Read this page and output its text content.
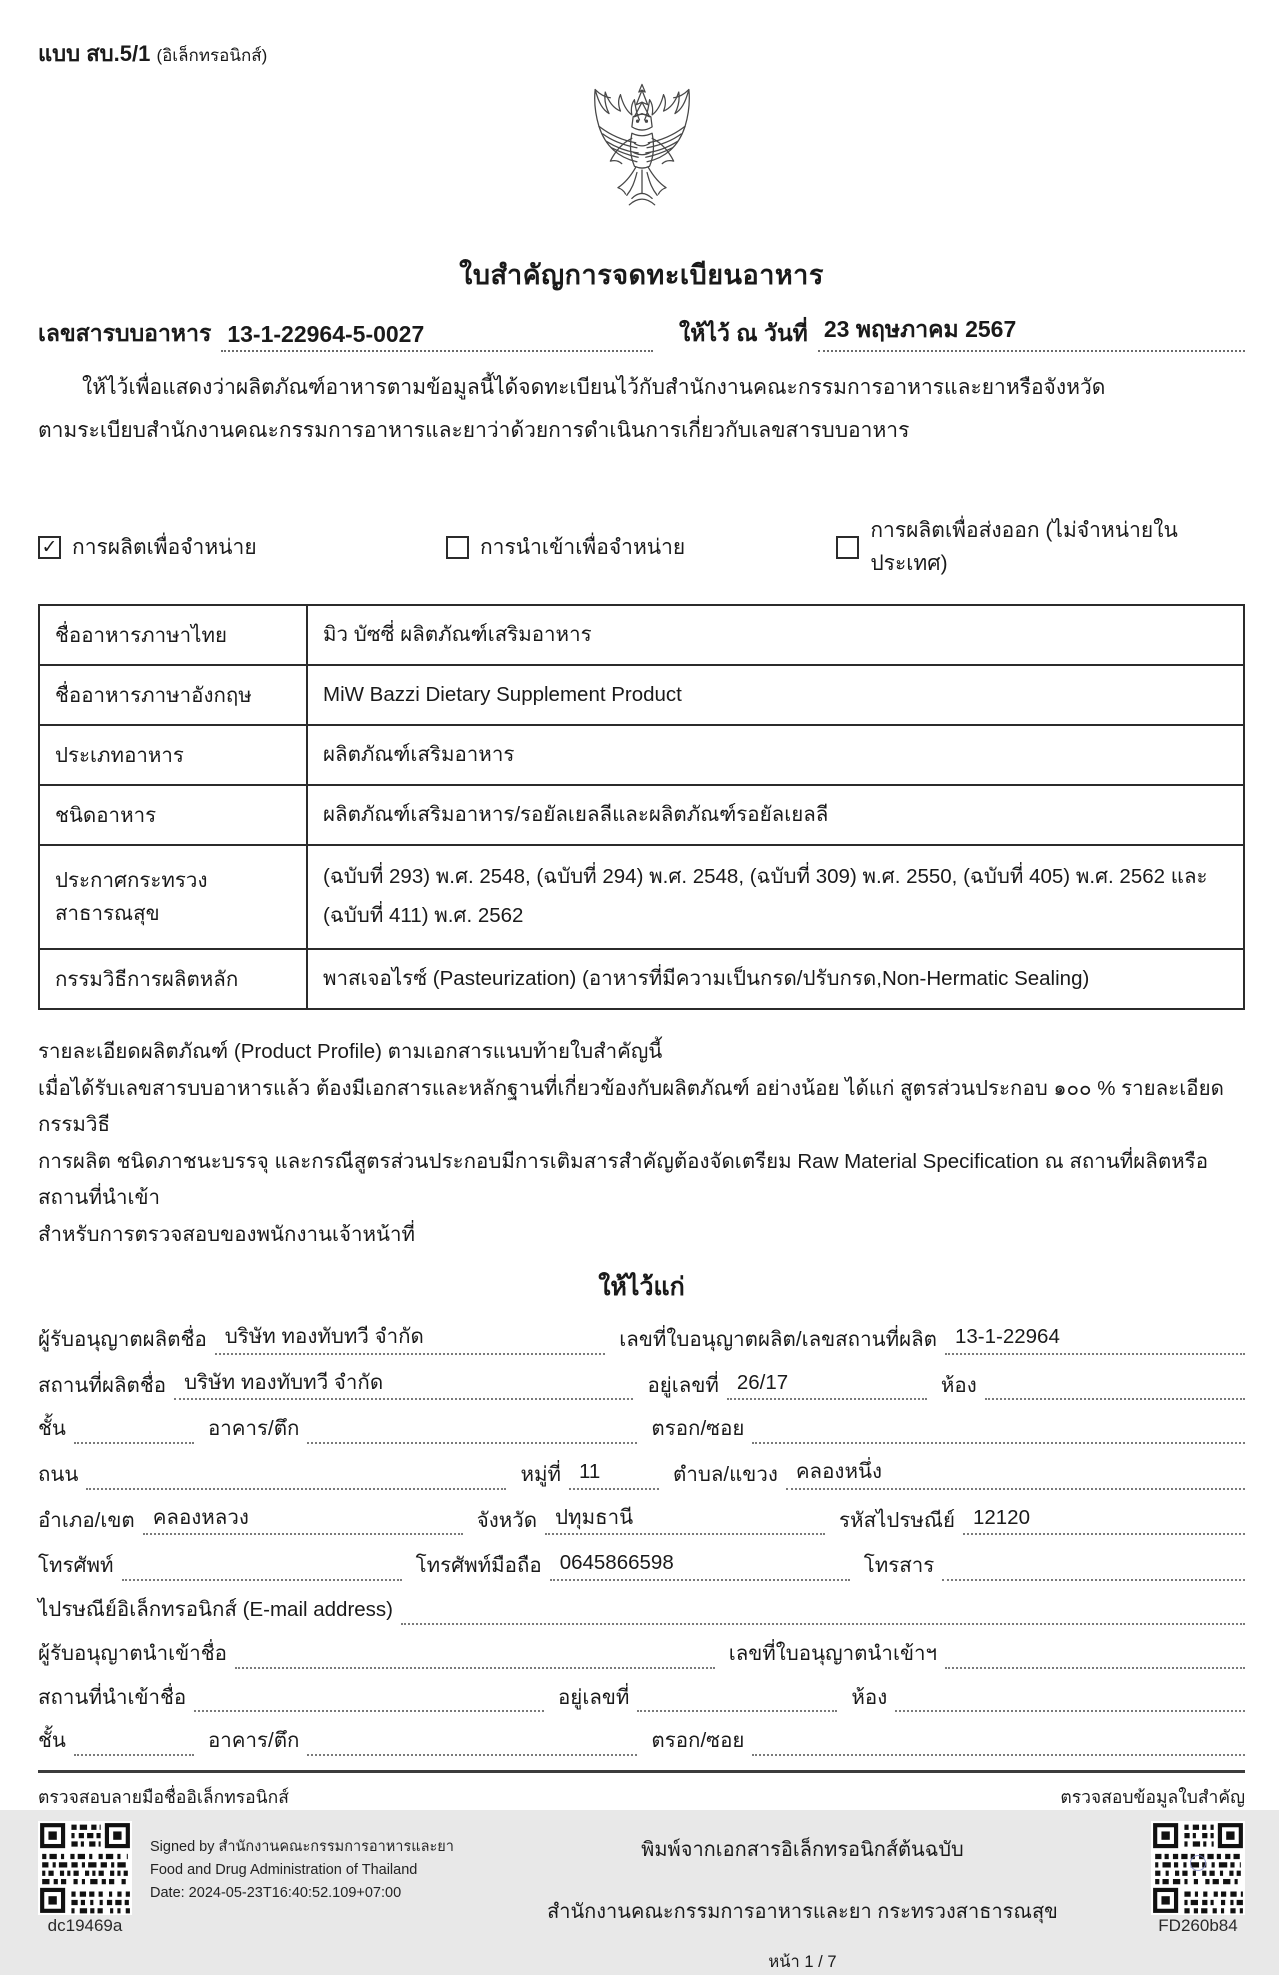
แบบ สบ.5/1 (อิเล็กทรอนิกส์)
ใบสำคัญการจดทะเบียนอาหาร
เลขสารบบอาหาร 13-1-22964-5-0027	ให้ไว้ ณ วันที่ 23 พฤษภาคม 2567
ให้ไว้เพื่อแสดงว่าผลิตภัณฑ์อาหารตามข้อมูลนี้ได้จดทะเบียนไว้กับสำนักงานคณะกรรมการอาหารและยาหรือจังหวัด
ตามระเบียบสำนักงานคณะกรรมการอาหารและยาว่าด้วยการดำเนินการเกี่ยวกับเลขสารบบอาหาร
✓ การผลิตเพื่อจำหน่าย	การนำเข้าเพื่อจำหน่าย
การผลิตเพื่อส่งออก (ไม่จำหน่ายในประเทศ)
ชื่ออาหารภาษาไทย	มิว บัซซี่ ผลิตภัณฑ์เสริมอาหาร
ชื่ออาหารภาษาอังกฤษ	MiW Bazzi Dietary Supplement Product
ประเภทอาหาร	ผลิตภัณฑ์เสริมอาหาร
ชนิดอาหาร	ผลิตภัณฑ์เสริมอาหาร/รอยัลเยลลีและผลิตภัณฑ์รอยัลเยลลี
ประกาศกระทรวงสาธารณสุข	(ฉบับที่ 293) พ.ศ. 2548, (ฉบับที่ 294) พ.ศ. 2548, (ฉบับที่ 309) พ.ศ. 2550, (ฉบับที่ 405) พ.ศ. 2562 และ (ฉบับที่ 411) พ.ศ. 2562
กรรมวิธีการผลิตหลัก	พาสเจอไรซ์ (Pasteurization) (อาหารที่มีความเป็นกรด/ปรับกรด,Non-Hermatic Sealing)
รายละเอียดผลิตภัณฑ์ (Product Profile) ตามเอกสารแนบท้ายใบสำคัญนี้
เมื่อได้รับเลขสารบบอาหารแล้ว ต้องมีเอกสารและหลักฐานที่เกี่ยวข้องกับผลิตภัณฑ์ อย่างน้อย ได้แก่ สูตรส่วนประกอบ ๑๐๐ % รายละเอียดกรรมวิธี
การผลิต ชนิดภาชนะบรรจุ และกรณีสูตรส่วนประกอบมีการเติมสารสำคัญต้องจัดเตรียม Raw Material Specification ณ สถานที่ผลิตหรือสถานที่นำเข้า
สำหรับการตรวจสอบของพนักงานเจ้าหน้าที่
ให้ไว้แก่
ผู้รับอนุญาตผลิตชื่อ บริษัท ทองทับทวี จำกัด	เลขที่ใบอนุญาตผลิต/เลขสถานที่ผลิต 13-1-22964
สถานที่ผลิตชื่อ บริษัท ทองทับทวี จำกัด	อยู่เลขที่ 26/17	ห้อง
ชั้น	อาคาร/ตึก	ตรอก/ซอย
ถนน	หมู่ที่ 11	ตำบล/แขวง คลองหนึ่ง
อำเภอ/เขต คลองหลวง	จังหวัด ปทุมธานี	รหัสไปรษณีย์ 12120
โทรศัพท์	โทรศัพท์มือถือ 0645866598	โทรสาร
ไปรษณีย์อิเล็กทรอนิกส์ (E-mail address)
ผู้รับอนุญาตนำเข้าชื่อ	เลขที่ใบอนุญาตนำเข้าฯ
สถานที่นำเข้าชื่อ	อยู่เลขที่	ห้อง
ชั้น	อาคาร/ตึก	ตรอก/ซอย
ตรวจสอบลายมือชื่ออิเล็กทรอนิกส์	ตรวจสอบข้อมูลใบสำคัญ
dc19469a
Signed by สำนักงานคณะกรรมการอาหารและยา
Food and Drug Administration of Thailand
Date: 2024-05-23T16:40:52.109+07:00
พิมพ์จากเอกสารอิเล็กทรอนิกส์ต้นฉบับ
สำนักงานคณะกรรมการอาหารและยา กระทรวงสาธารณสุข
หน้า 1 / 7
FD260b84
